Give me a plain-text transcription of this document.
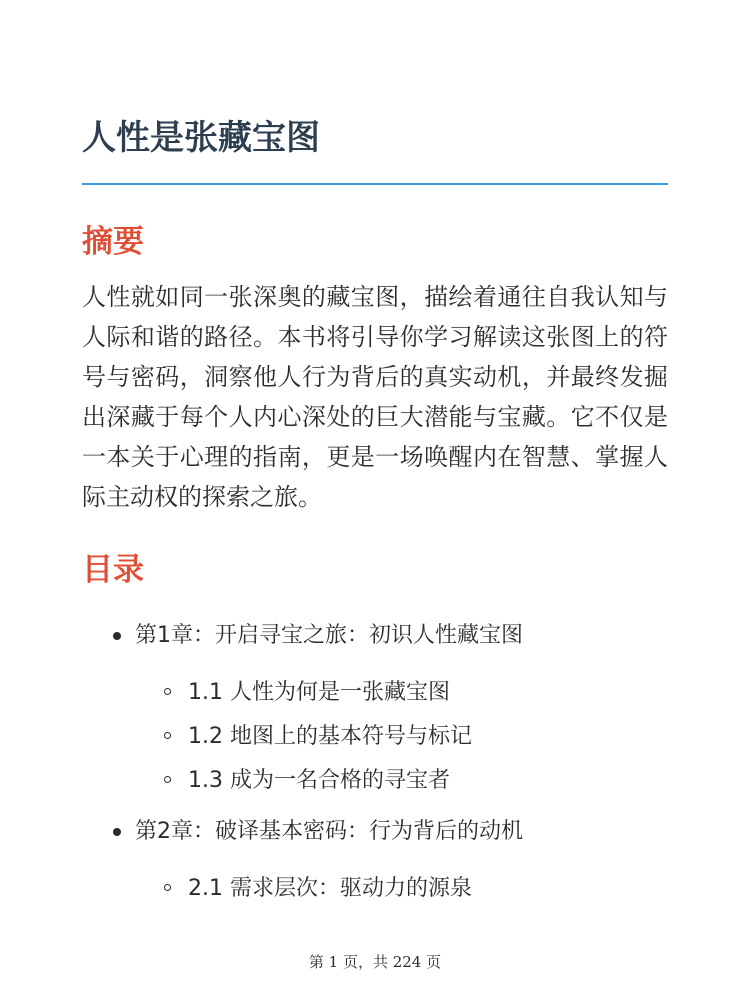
人性是张藏宝图
摘要

人性就如同一张深奥的藏宝图，描绘着通往自我认知与人际和谐的路径。本书将引导你学习解读这张图上的符号与密码，洞察他人行为背后的真实动机，并最终发掘出深藏于每个人内心深处的巨大潜能与宝藏。它不仅是一本关于心理的指南，更是一场唤醒内在智慧、掌握人际主动权的探索之旅。

目录
第1章：开启寻宝之旅：初识人性藏宝图
1.1 人性为何是一张藏宝图
1.2 地图上的基本符号与标记
1.3 成为一名合格的寻宝者
第2章：破译基本密码：行为背后的动机
2.1 需求层次：驱动力的源泉
第 1 页，共 224 页
